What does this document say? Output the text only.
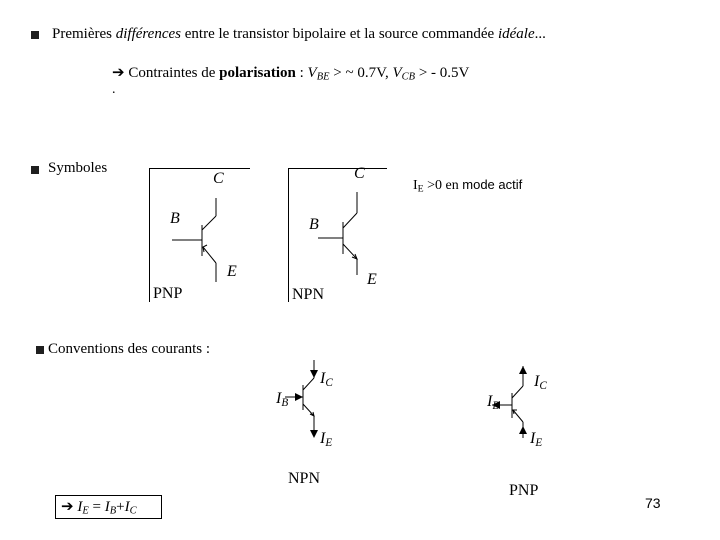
Premières différences entre le transistor bipolaire et la source commandée idéale...
➔ Contraintes de polarisation : $V_{BE}$ > ~ 0.7V, $V_{CB}$ > - 0.5V
.
Symboles
C
B
E
PNP
C
B
E
NPN
$I_E >0$ en mode actif
Conventions des courants :
$I_B$
$I_C$
$I_E$
NPN
$I_B$
$I_C$
$I_E$
PNP
➔ $I_E = I_B+I_C$
73
